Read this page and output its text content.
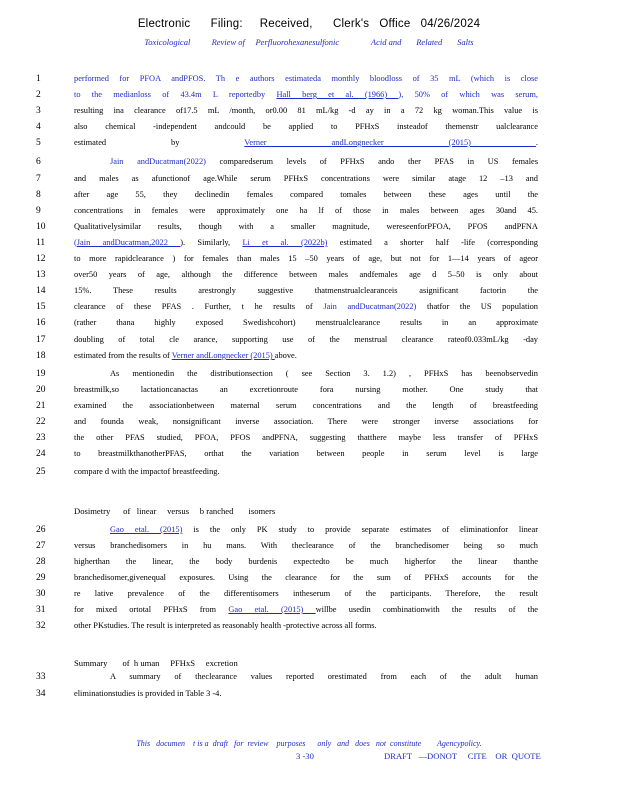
Electronic      Filing:     Received,      Clerk's   Office   04/26/2024
Toxicological          Review of     Perfluorohexanesulfonic               Acid and       Related       Salts
1	performed for PFOA andPFOS. Th e authors estimateda monthly bloodloss of 35 mL (which is close
2	to the medianloss of 43.4m L reportedby Hall berg et al. (1966) ), 50% of which was serum,
3	resulting ina clearance of17.5 mL /month, or0.00 81 mL/kg -d ay in a 72 kg woman.This value is
4	also chemical -independent andcould be applied to PFHxS insteadof themenstr ualclearance
5	estimated by Verner andLongnecker (2015) .
6	Jain andDucatman(2022) comparedserum levels of PFHxS ando ther PFAS in US females
7	and males as afunctionof age.While serum PFHxS concentrations were similar atage 12 –13 and
8	after age 55, they declinedin females compared tomales between these ages until the
9	concentrations in females were approximately one ha lf of those in males between ages 30and 45.
10	Qualitativelysimilar results, though with a smaller magnitude, wereseenforPFOA, PFOS andPFNA
11	(Jain andDucatman,2022 ). Similarly, Li et al. (2022b) estimated a shorter half -life (corresponding
12	to more rapidclearance ) for females than males 15 –50 years of age, but not for 1—14 years of ageor
13	over50 years of age, although the difference between males andfemales age d 5–50 is only about
14	15%. These results arestrongly suggestive thatmenstrualclearanceis asignificant factorin the
15	clearance of these PFAS . Further, t he results of Jain andDucatman(2022) thatfor the US population
16	(rather thana highly exposed Swedishcohort) menstrualclearance results in an approximate
17	doubling of total cle arance, supporting use of the menstrual clearance rateof0.033mL/kg -day
18	estimated from the results of Verner andLongnecker (2015) above.
19	As mentionedin the distributionsection ( see Section 3. 1.2) , PFHxS has beenobservedin
20	breastmilk,so lactationcanactas an excretionroute fora nursing mother. One study that
21	examined the associationbetween maternal serum concentrations and the length of breastfeeding
22	and founda weak, nonsignificant inverse association. There were stronger inverse associations for
23	the other PFAS studied, PFOA, PFOS andPFNA, suggesting thatthere maybe less transfer of PFHxS
24	to breastmilkthanotherPFAS, orthat the variation between people in serum level is large
25	compare d with the impactof breastfeeding.
26	Gao etal. (2015) is the only PK study to provide separate estimates of eliminationfor linear
27	versus branchedisomers in hu mans. With theclearance of the branchedisomer being so much
28	higherthan the linear, the body burdenis expectedto be much higherfor the linear thanthe
29	branchedisomer,givenequal exposures. Using the clearance for the sum of PFHxS accounts for the
30	re lative prevalence of the differentisomers intheserum of the participants. Therefore, the result
31	for mixed ortotal PFHxS from Gao etal. (2015) willbe usedin combinationwith the results of the
32	other PKstudies. The result is interpreted as reasonably health -protective across all forms.
33	A summary of theclearance values reported orestimated from each of the adult human
34	eliminationstudies is provided in Table 3 -4.
Dosimetry      of   linear     versus     b ranched       isomers
Summary       of  h uman     PFHxS     excretion
This   documen    t is a  draft   for  review    purposes      only   and   does   not  constitute        Agencypolicy.
3 -30	DRAFT   —DONOT     CITE    OR  QUOTE
